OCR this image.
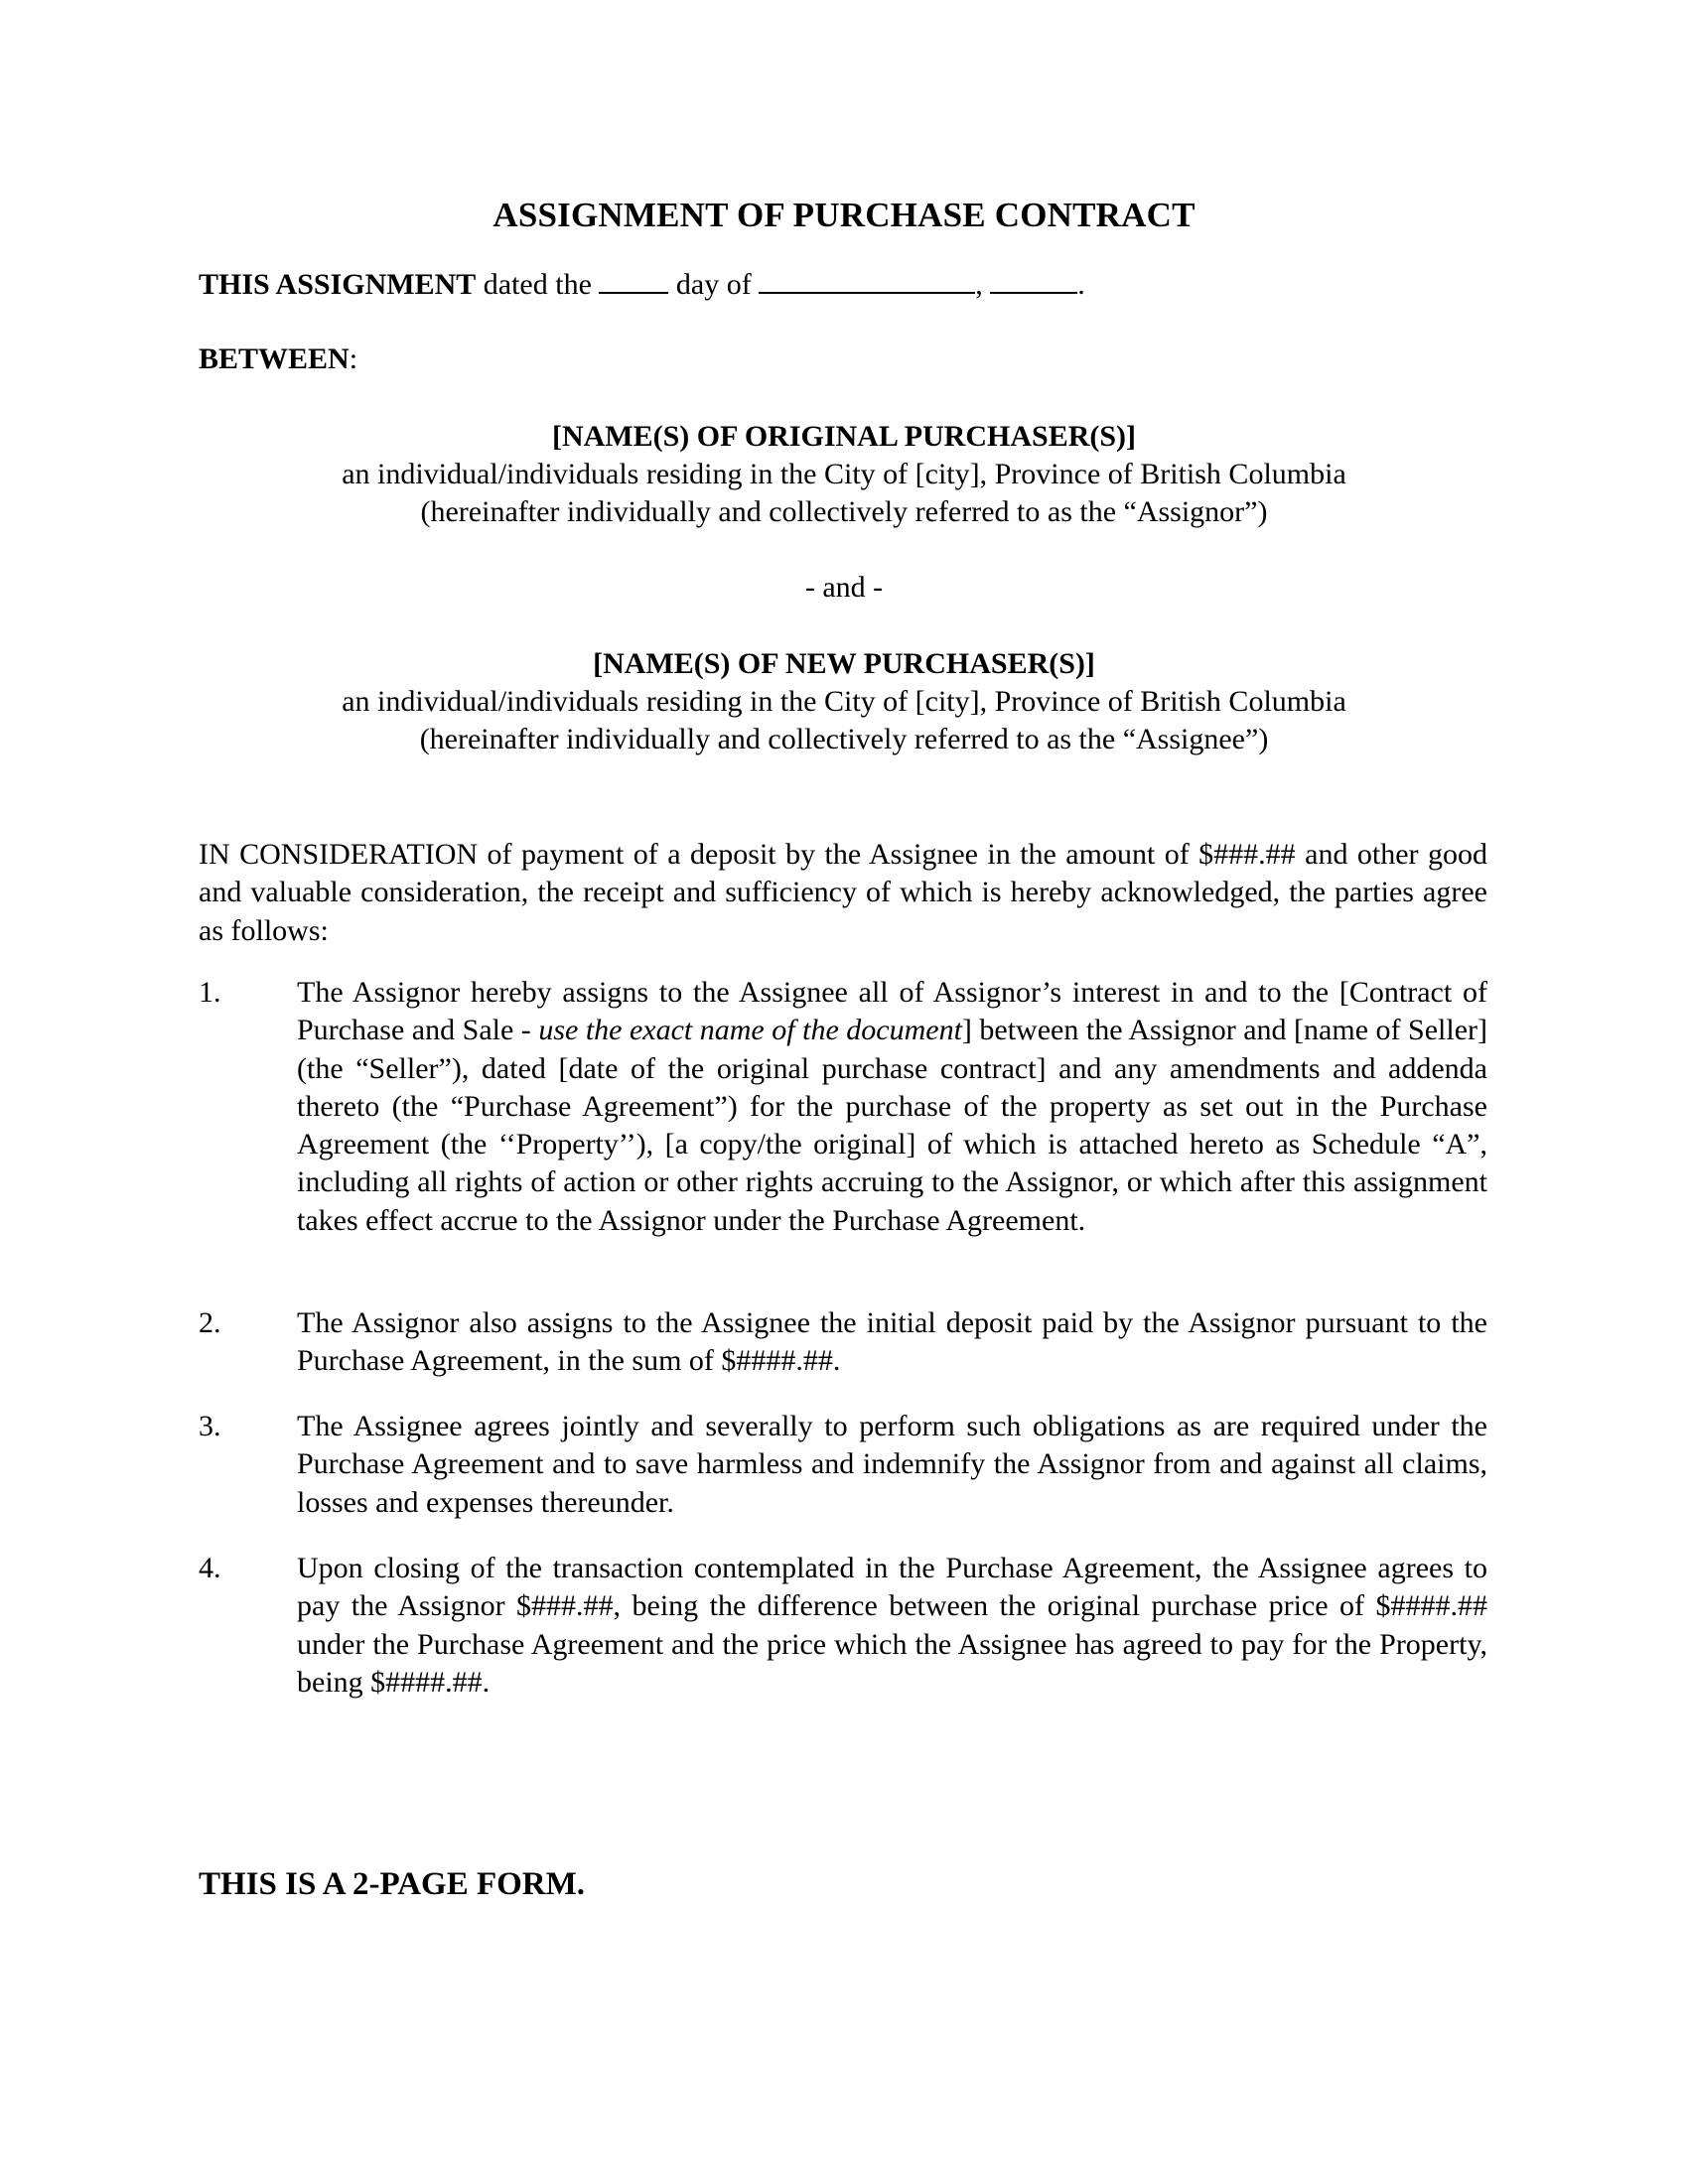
ASSIGNMENT OF PURCHASE CONTRACT
THIS ASSIGNMENT dated the	day of	,	.
BETWEEN:
[NAME(S) OF ORIGINAL PURCHASER(S)]
an individual/individuals residing in the City of [city], Province of British Columbia
(hereinafter individually and collectively referred to as the “Assignor”)
- and -
[NAME(S) OF NEW PURCHASER(S)]
an individual/individuals residing in the City of [city], Province of British Columbia
(hereinafter individually and collectively referred to as the “Assignee”)
IN CONSIDERATION of payment of a deposit by the Assignee in the amount of $###.## and other good and valuable consideration, the receipt and sufficiency of which is hereby acknowledged, the parties agree as follows:
1.	The Assignor hereby assigns to the Assignee all of Assignor’s interest in and to the [Contract of Purchase and Sale - use the exact name of the document] between the Assignor and [name of Seller] (the “Seller”), dated [date of the original purchase contract] and any amendments and addenda thereto (the “Purchase Agreement”) for the purchase of the property as set out in the Purchase Agreement (the ‘‘Property’’), [a copy/the original] of which is attached hereto as Schedule “A”, including all rights of action or other rights accruing to the Assignor, or which after this assignment takes effect accrue to the Assignor under the Purchase Agreement.
2.	The Assignor also assigns to the Assignee the initial deposit paid by the Assignor pursuant to the Purchase Agreement, in the sum of $####.##.
3.	The Assignee agrees jointly and severally to perform such obligations as are required under the Purchase Agreement and to save harmless and indemnify the Assignor from and against all claims, losses and expenses thereunder.
4.	Upon closing of the transaction contemplated in the Purchase Agreement, the Assignee agrees to pay the Assignor $###.##, being the difference between the original purchase price of $####.## under the Purchase Agreement and the price which the Assignee has agreed to pay for the Property, being $####.##.
THIS IS A 2-PAGE FORM.
